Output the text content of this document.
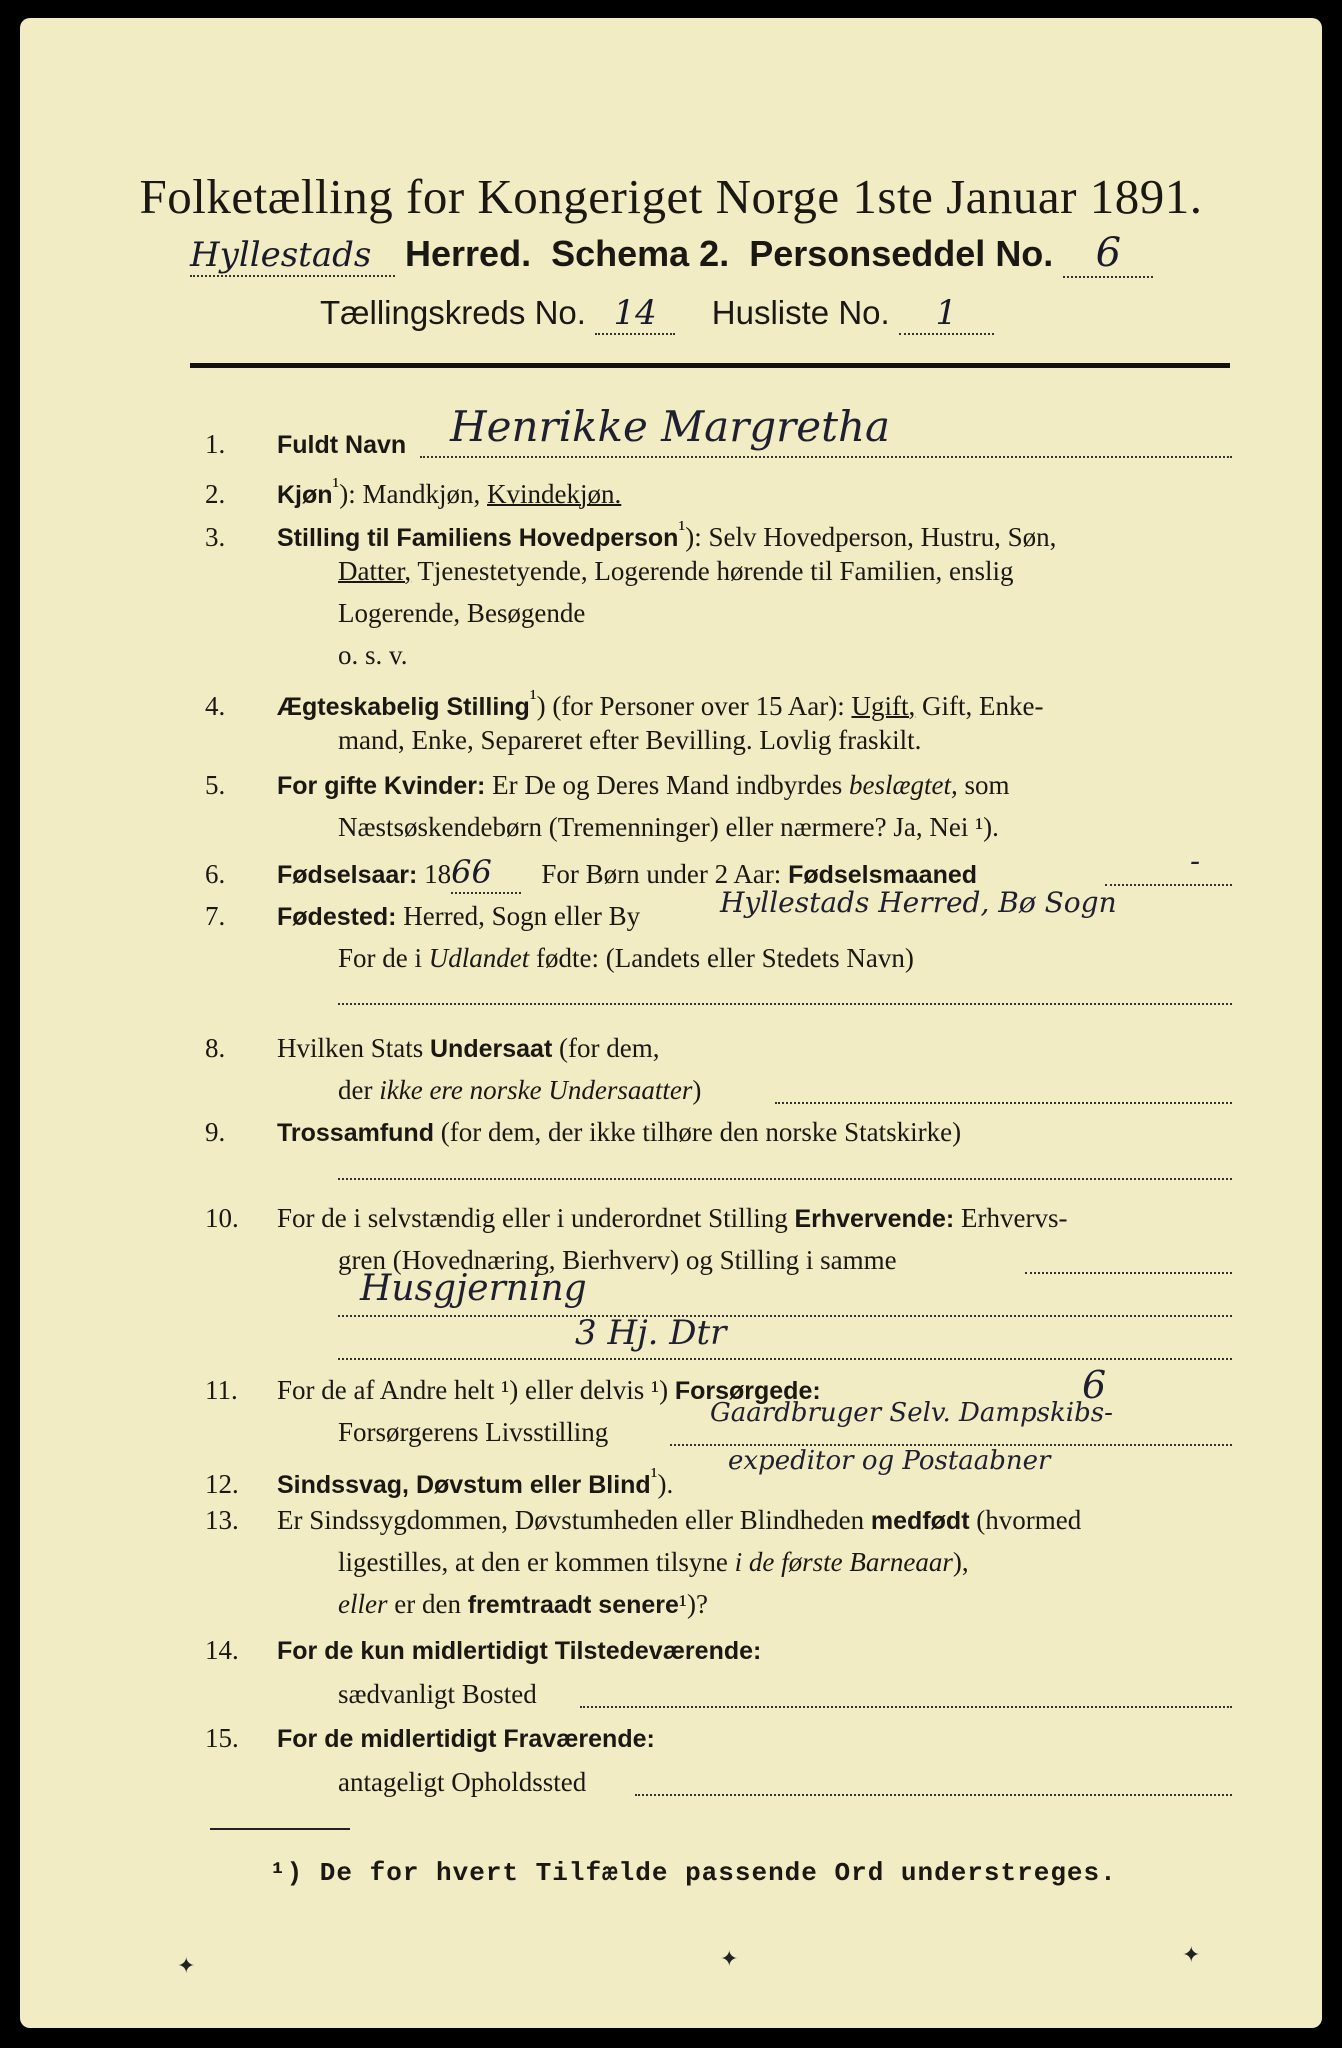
Folketælling for Kongeriget Norge 1ste Januar 1891.
Hyllestads Herred. Schema 2. Personseddel No. 6
Tællingskreds No. 14 Husliste No. 1
1. Fuldt Navn	Henrikke Margretha
2. Kjøn$^{^1}$): Mandkjøn, Kvindekjøn.
3. Stilling til Familiens Hovedperson$^{^1}$): Selv Hovedperson, Hustru, Søn,
Datter, Tjenestetyende, Logerende hørende til Familien, enslig
Logerende, Besøgende
o. s. v.
4. Ægteskabelig Stilling$^{^1}$) (for Personer over 15 Aar): Ugift, Gift, Enke-
mand, Enke, Separeret efter Bevilling. Lovlig fraskilt.
5. For gifte Kvinder: Er De og Deres Mand indbyrdes beslægtet, som
Næstsøskendebørn (Tremenninger) eller nærmere? Ja, Nei ¹).
6. Fødselsaar: 1866 For Børn under 2 Aar: Fødselsmaaned	-
7. Fødested: Herred, Sogn eller By	Hyllestads Herred, Bø Sogn
For de i Udlandet fødte: (Landets eller Stedets Navn)
8. Hvilken Stats Undersaat (for dem,
der ikke ere norske Undersaatter)
9. Trossamfund (for dem, der ikke tilhøre den norske Statskirke)
10. For de i selvstændig eller i underordnet Stilling Erhvervende: Erhvervs-
gren (Hovednæring, Bierhverv) og Stilling i samme
Husgjerning
3 Hj. Dtr
11. For de af Andre helt ¹) eller delvis ¹) Forsørgede:
Forsørgerens Livsstilling
Gaardbruger Selv. Dampskibs-
6
12. Sindssvag, Døvstum eller Blind$^{^1}$).
expeditor og Postaabner
13. Er Sindssygdommen, Døvstumheden eller Blindheden medfødt (hvormed
ligestilles, at den er kommen tilsyne i de første Barneaar),
eller er den fremtraadt senere¹)?
14. For de kun midlertidigt Tilstedeværende:
sædvanligt Bosted
15. For de midlertidigt Fraværende:
antageligt Opholdssted
¹) De for hvert Tilfælde passende Ord understreges.
✦	✦	✦
